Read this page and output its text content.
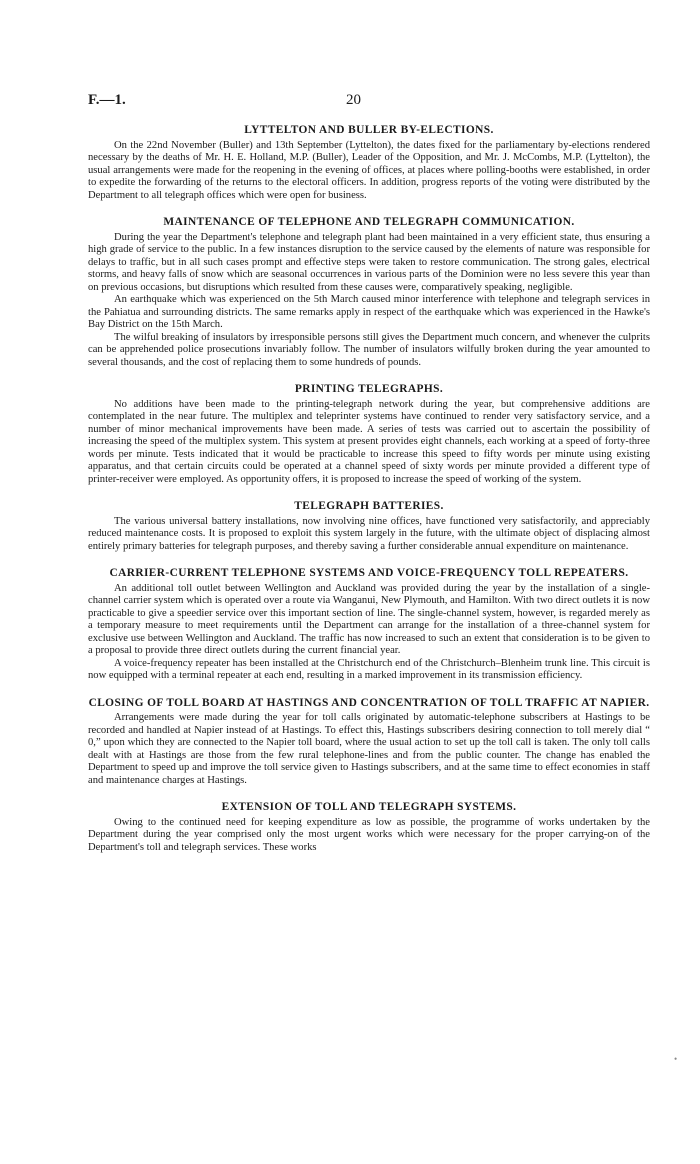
F.—1.	20
LYTTELTON AND BULLER BY-ELECTIONS.

On the 22nd November (Buller) and 13th September (Lyttelton), the dates fixed for the parliamentary by-elections rendered necessary by the deaths of Mr. H. E. Holland, M.P. (Buller), Leader of the Opposition, and Mr. J. McCombs, M.P. (Lyttelton), the usual arrangements were made for the reopening in the evening of offices, at places where polling-booths were established, in order to expedite the forwarding of the returns to the electoral officers. In addition, progress reports of the voting were distributed by the Department to all telegraph offices which were open for business.

MAINTENANCE OF TELEPHONE AND TELEGRAPH COMMUNICATION.

During the year the Department's telephone and telegraph plant had been maintained in a very efficient state, thus ensuring a high grade of service to the public. In a few instances disruption to the service caused by the elements of nature was responsible for delays to traffic, but in all such cases prompt and effective steps were taken to restore communication. The strong gales, electrical storms, and heavy falls of snow which are seasonal occurrences in various parts of the Dominion were no less severe this year than on previous occasions, but disruptions which resulted from these causes were, comparatively speaking, negligible.

An earthquake which was experienced on the 5th March caused minor interference with telephone and telegraph services in the Pahiatua and surrounding districts. The same remarks apply in respect of the earthquake which was experienced in the Hawke's Bay District on the 15th March.

The wilful breaking of insulators by irresponsible persons still gives the Department much concern, and whenever the culprits can be apprehended police prosecutions invariably follow. The number of insulators wilfully broken during the year amounted to several thousands, and the cost of replacing them to some hundreds of pounds.

PRINTING TELEGRAPHS.

No additions have been made to the printing-telegraph network during the year, but comprehensive additions are contemplated in the near future. The multiplex and teleprinter systems have continued to render very satisfactory service, and a number of minor mechanical improvements have been made. A series of tests was carried out to ascertain the possibility of increasing the speed of the multiplex system. This system at present provides eight channels, each working at a speed of forty-three words per minute. Tests indicated that it would be practicable to increase this speed to fifty words per minute using existing apparatus, and that certain circuits could be operated at a channel speed of sixty words per minute provided a different type of printer-receiver were employed. As opportunity offers, it is proposed to increase the speed of working of the system.

TELEGRAPH BATTERIES.

The various universal battery installations, now involving nine offices, have functioned very satisfactorily, and appreciably reduced maintenance costs. It is proposed to exploit this system largely in the future, with the ultimate object of displacing almost entirely primary batteries for telegraph purposes, and thereby saving a further considerable annual expenditure on maintenance.

CARRIER-CURRENT TELEPHONE SYSTEMS AND VOICE-FREQUENCY TOLL REPEATERS.

An additional toll outlet between Wellington and Auckland was provided during the year by the installation of a single-channel carrier system which is operated over a route via Wanganui, New Plymouth, and Hamilton. With two direct outlets it is now practicable to give a speedier service over this important section of line. The single-channel system, however, is regarded merely as a temporary measure to meet requirements until the Department can arrange for the installation of a three-channel system for exclusive use between Wellington and Auckland. The traffic has now increased to such an extent that consideration is to be given to a proposal to provide three direct outlets during the current financial year.

A voice-frequency repeater has been installed at the Christchurch end of the Christchurch–Blenheim trunk line. This circuit is now equipped with a terminal repeater at each end, resulting in a marked improvement in its transmission efficiency.

CLOSING OF TOLL BOARD AT HASTINGS AND CONCENTRATION OF TOLL TRAFFIC AT NAPIER.

Arrangements were made during the year for toll calls originated by automatic-telephone subscribers at Hastings to be recorded and handled at Napier instead of at Hastings. To effect this, Hastings subscribers desiring connection to toll merely dial “ 0,” upon which they are connected to the Napier toll board, where the usual action to set up the toll call is taken. The only toll calls dealt with at Hastings are those from the few rural telephone-lines and from the public counter. The change has enabled the Department to speed up and improve the toll service given to Hastings subscribers, and at the same time to effect economies in staff and maintenance charges at Hastings.

EXTENSION OF TOLL AND TELEGRAPH SYSTEMS.

Owing to the continued need for keeping expenditure as low as possible, the programme of works undertaken by the Department during the year comprised only the most urgent works which were necessary for the proper carrying-on of the Department's toll and telegraph services. These works

•
